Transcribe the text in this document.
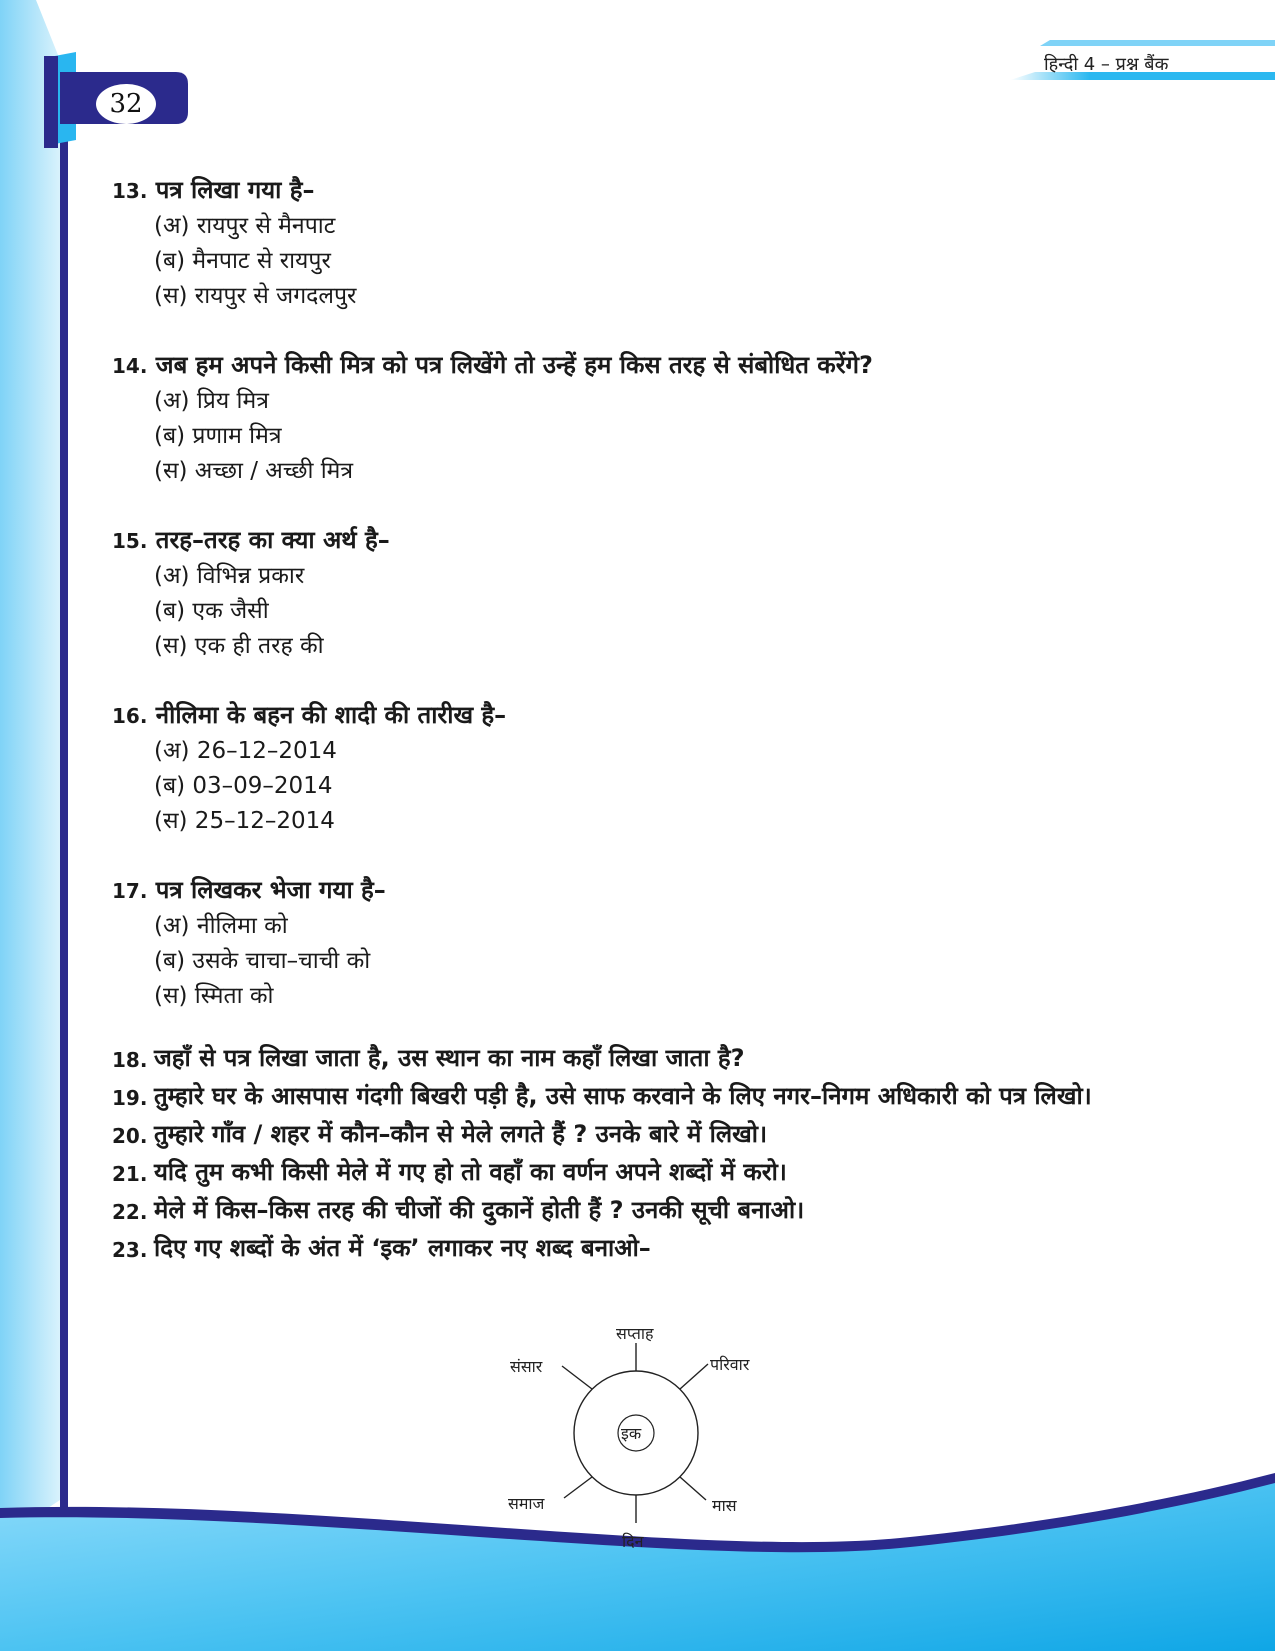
32
हिन्दी 4 – प्रश्न बैंक
13. पत्र लिखा गया है–
(अ) रायपुर से मैनपाट
(ब) मैनपाट से रायपुर
(स) रायपुर से जगदलपुर
14. जब हम अपने किसी मित्र को पत्र लिखेंगे तो उन्हें हम किस तरह से संबोधित करेंगे?
(अ) प्रिय मित्र
(ब) प्रणाम मित्र
(स) अच्छा / अच्छी मित्र
15. तरह–तरह का क्या अर्थ है–
(अ) विभिन्न प्रकार
(ब) एक जैसी
(स) एक ही तरह की
16. नीलिमा के बहन की शादी की तारीख है–
(अ) 26–12–2014
(ब) 03–09–2014
(स) 25–12–2014
17. पत्र लिखकर भेजा गया है–
(अ) नीलिमा को
(ब) उसके चाचा–चाची को
(स) स्मिता को
18. जहाँ से पत्र लिखा जाता है, उस स्थान का नाम कहाँ लिखा जाता है?
19. तुम्हारे घर के आसपास गंदगी बिखरी पड़ी है, उसे साफ करवाने के लिए नगर–निगम अधिकारी को पत्र लिखो।
20. तुम्हारे गाँव / शहर में कौन–कौन से मेले लगते हैं ? उनके बारे में लिखो।
21. यदि तुम कभी किसी मेले में गए हो तो वहाँ का वर्णन अपने शब्दों में करो।
22. मेले में किस–किस तरह की चीजों की दुकानें होती हैं ? उनकी सूची बनाओ।
23. दिए गए शब्दों के अंत में ‘इक’ लगाकर नए शब्द बनाओ–
इक
सप्ताह
संसार	परिवार
समाज	मास
दिन
